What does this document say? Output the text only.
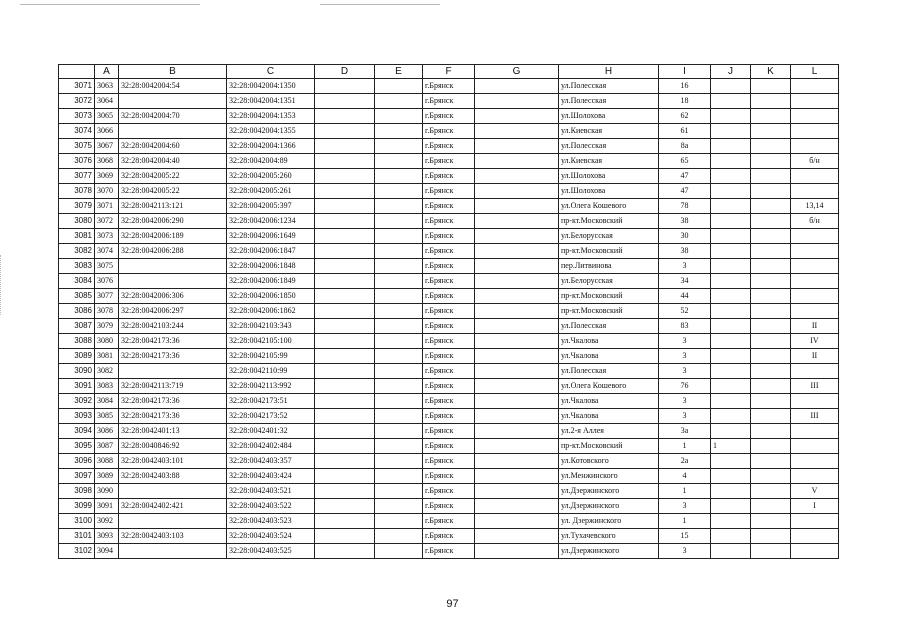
	A	B	C	D	E	F	G	H	I	J	K	L
3071	3063	32:28:0042004:54	32:28:0042004:1350			г.Брянск		ул.Полесская	16			
3072	3064		32:28:0042004:1351			г.Брянск		ул.Полесская	18			
3073	3065	32:28:0042004:70	32:28:0042004:1353			г.Брянск		ул.Шолохова	62			
3074	3066		32:28:0042004:1355			г.Брянск		ул.Киевская	61			
3075	3067	32:28:0042004:60	32:28:0042004:1366			г.Брянск		ул.Полесская	8а			
3076	3068	32:28:0042004:40	32:28:0042004:89			г.Брянск		ул.Киевская	65			б/н
3077	3069	32:28:0042005:22	32:28:0042005:260			г.Брянск		ул.Шолохова	47			
3078	3070	32:28:0042005:22	32:28:0042005:261			г.Брянск		ул.Шолохова	47			
3079	3071	32:28:0042113:121	32:28:0042005:397			г.Брянск		ул.Олега Кошевого	78			13,14
3080	3072	32:28:0042006:290	32:28:0042006:1234			г.Брянск		пр-кт.Московский	38			б/н
3081	3073	32:28:0042006:189	32:28:0042006:1649			г.Брянск		ул.Белорусская	30			
3082	3074	32:28:0042006:288	32:28:0042006:1847			г.Брянск		пр-кт.Московский	38			
3083	3075		32:28:0042006:1848			г.Брянск		пер.Литвинова	3			
3084	3076		32:28:0042006:1849			г.Брянск		ул.Белорусская	34			
3085	3077	32:28:0042006:306	32:28:0042006:1850			г.Брянск		пр-кт.Московский	44			
3086	3078	32:28:0042006:297	32:28:0042006:1862			г.Брянск		пр-кт.Московский	52			
3087	3079	32:28:0042103:244	32:28:0042103:343			г.Брянск		ул.Полесская	83			II
3088	3080	32:28:0042173:36	32:28:0042105:100			г.Брянск		ул.Чкалова	3			IV
3089	3081	32:28:0042173:36	32:28:0042105:99			г.Брянск		ул.Чкалова	3			II
3090	3082		32:28:0042110:99			г.Брянск		ул.Полесская	3			
3091	3083	32:28:0042113:719	32:28:0042113:992			г.Брянск		ул.Олега Кошевого	76			III
3092	3084	32:28:0042173:36	32:28:0042173:51			г.Брянск		ул.Чкалова	3			
3093	3085	32:28:0042173:36	32:28:0042173:52			г.Брянск		ул.Чкалова	3			III
3094	3086	32:28:0042401:13	32:28:0042401:32			г.Брянск		ул.2-я Аллея	3а			
3095	3087	32:28:0040846:92	32:28:0042402:484			г.Брянск		пр-кт.Московский	1	1		
3096	3088	32:28:0042403:101	32:28:0042403:357			г.Брянск		ул.Котовского	2а			
3097	3089	32:28:0042403:88	32:28:0042403:424			г.Брянск		ул.Менжинского	4			
3098	3090		32:28:0042403:521			г.Брянск		ул.Дзержинского	1			V
3099	3091	32:28:0042402:421	32:28:0042403:522			г.Брянск		ул.Дзержинского	3			I
3100	3092		32:28:0042403:523			г.Брянск		ул. Дзержинского	1			
3101	3093	32:28:0042403:103	32:28:0042403:524			г.Брянск		ул.Тухачевского	15			
3102	3094		32:28:0042403:525			г.Брянск		ул.Дзержинского	3			
97
